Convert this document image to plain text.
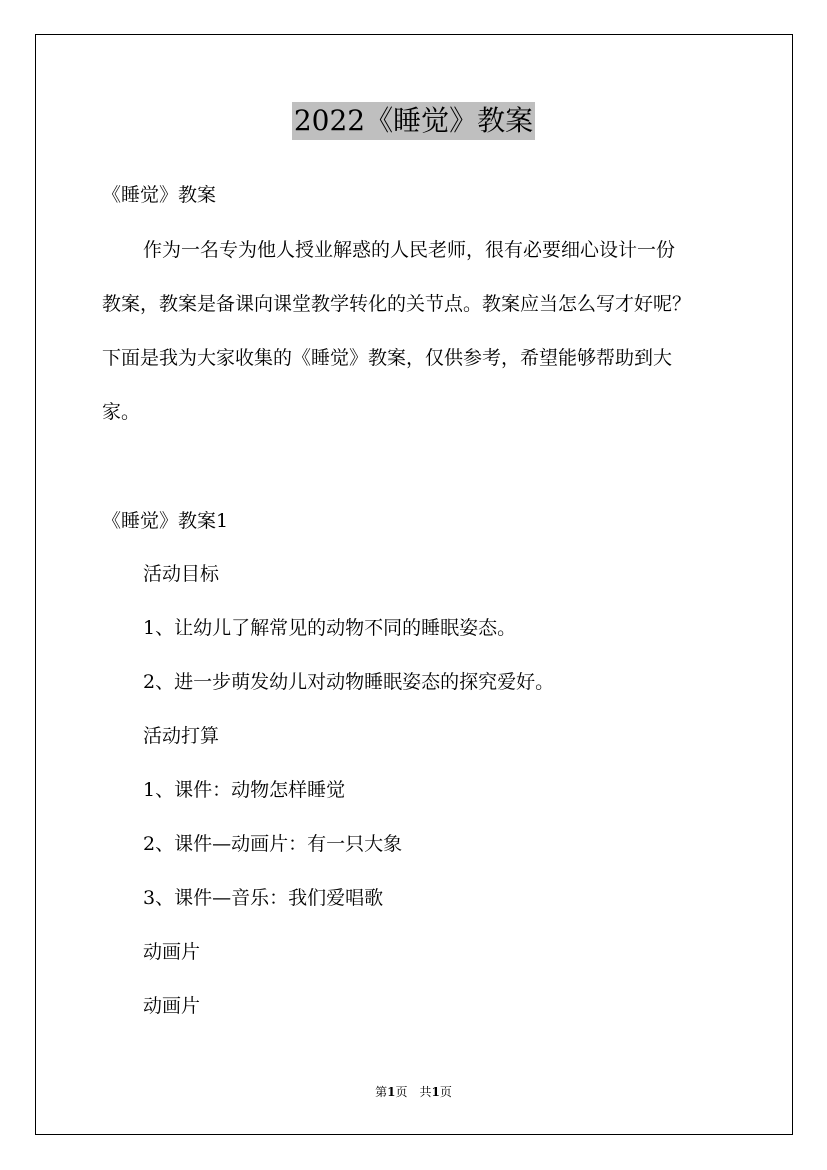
2022《睡觉》教案
《睡觉》教案
作为一名专为他人授业解惑的人民老师，很有必要细心设计一份
教案，教案是备课向课堂教学转化的关节点。教案应当怎么写才好呢？
下面是我为大家收集的《睡觉》教案，仅供参考，希望能够帮助到大
家。
《睡觉》教案1
活动目标
1、让幼儿了解常见的动物不同的睡眠姿态。
2、进一步萌发幼儿对动物睡眠姿态的探究爱好。
活动打算
1、课件：动物怎样睡觉
2、课件—动画片：有一只大象
3、课件—音乐：我们爱唱歌
动画片
动画片
第1页　共1页
